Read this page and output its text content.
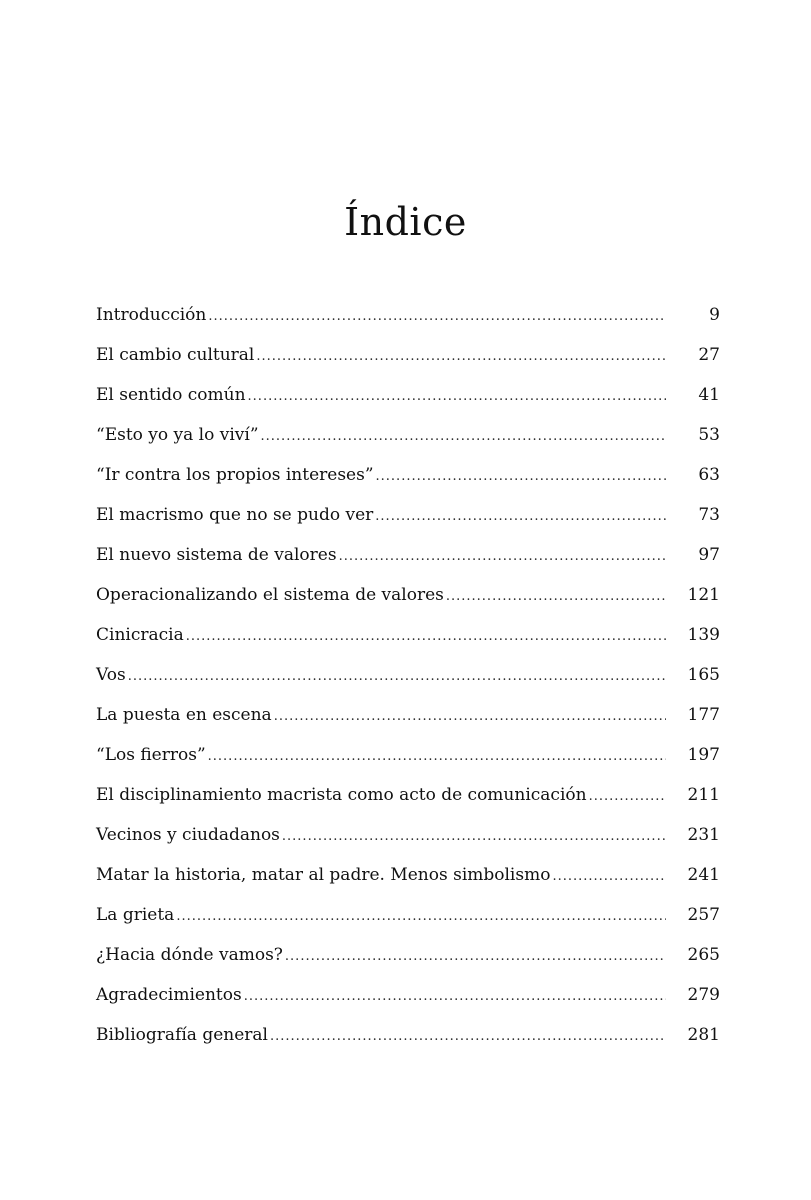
Índice
Introducción .....	9
El cambio cultural .....	27
El sentido común .....	41
“Esto yo ya lo viví” .....	53
“Ir contra los propios intereses” .....	63
El macrismo que no se pudo ver .....	73
El nuevo sistema de valores .....	97
Operacionalizando el sistema de valores .....	121
Cinicracia .....	139
Vos .....	165
La puesta en escena .....	177
“Los fierros” .....	197
El disciplinamiento macrista como acto de comunicación .....	211
Vecinos y ciudadanos .....	231
Matar la historia, matar al padre. Menos simbolismo .....	241
La grieta .....	257
¿Hacia dónde vamos? .....	265
Agradecimientos .....	279
Bibliografía general .....	281
